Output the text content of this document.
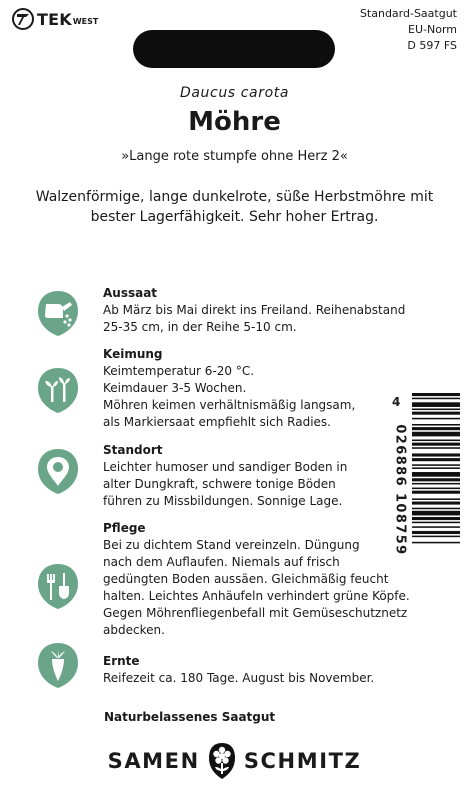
TEK WEST
Standard-Saatgut
EU-Norm
D 597 FS
Daucus carota
Möhre
»Lange rote stumpfe ohne Herz 2«
Walzenförmige, lange dunkelrote, süße Herbstmöhre mit bester Lagerfähigkeit. Sehr hoher Ertrag.
Aussaat
Ab März bis Mai direkt ins Freiland. Reihenabstand
25-35 cm, in der Reihe 5-10 cm.
Keimung
Keimtemperatur 6-20 °C.
Keimdauer 3-5 Wochen.
Möhren keimen verhältnismäßig langsam,
als Markiersaat empfiehlt sich Radies.
Standort
Leichter humoser und sandiger Boden in
alter Dungkraft, schwere tonige Böden
führen zu Missbildungen. Sonnige Lage.
Pflege
Bei zu dichtem Stand vereinzeln. Düngung
nach dem Auflaufen. Niemals auf frisch
gedüngten Boden aussäen. Gleichmäßig feucht
halten. Leichtes Anhäufeln verhindert grüne Köpfe.
Gegen Möhrenfliegenbefall mit Gemüseschutznetz
abdecken.
Ernte
Reifezeit ca. 180 Tage. August bis November.
4
026886 108759
Naturbelassenes Saatgut
SAMEN SCHMITZ
